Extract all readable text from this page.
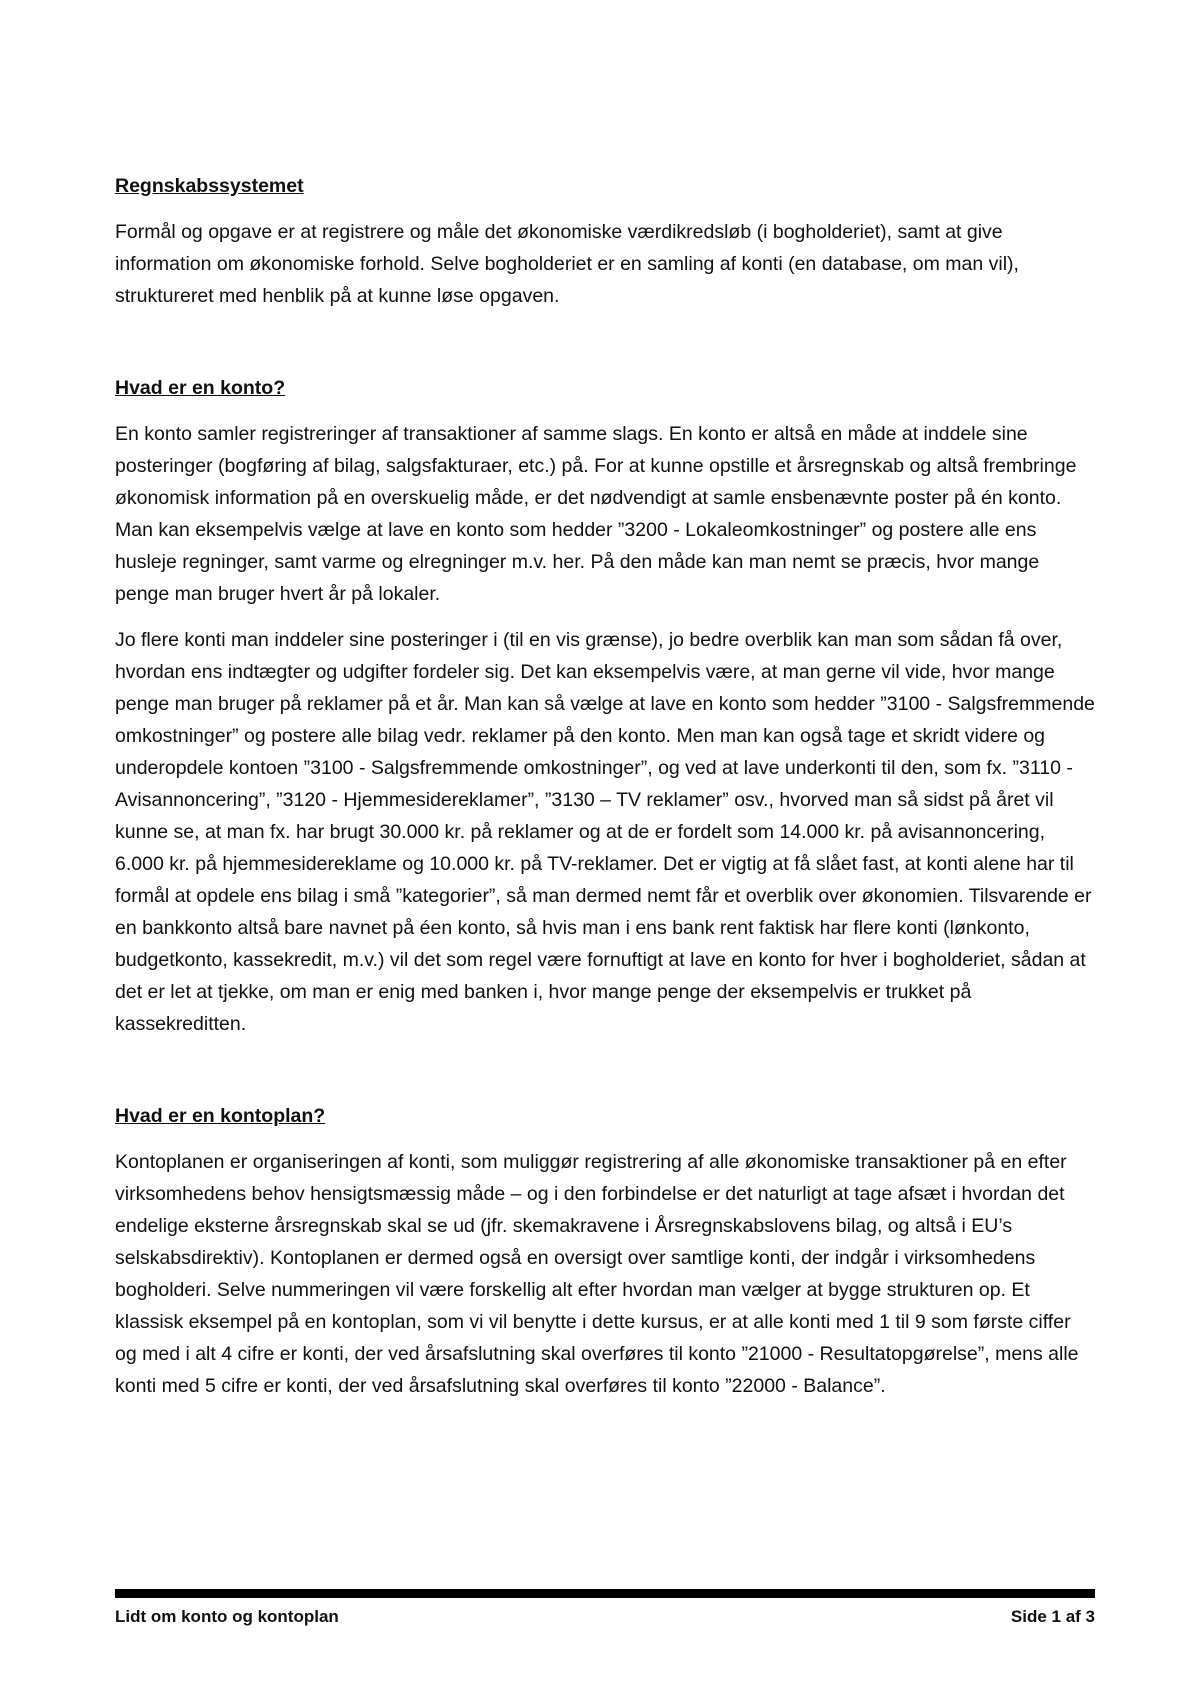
Regnskabssystemet

Formål og opgave er at registrere og måle det økonomiske værdikredsløb (i bogholderiet), samt at give information om økonomiske forhold. Selve bogholderiet er en samling af konti (en database, om man vil), struktureret med henblik på at kunne løse opgaven.

Hvad er en konto?

En konto samler registreringer af transaktioner af samme slags. En konto er altså en måde at inddele sine posteringer (bogføring af bilag, salgsfakturaer, etc.) på. For at kunne opstille et årsregnskab og altså frembringe økonomisk information på en overskuelig måde, er det nødvendigt at samle ensbenævnte poster på én konto. Man kan eksempelvis vælge at lave en konto som hedder ”3200 - Lokaleomkostninger” og postere alle ens husleje regninger, samt varme og elregninger m.v. her. På den måde kan man nemt se præcis, hvor mange penge man bruger hvert år på lokaler.

Jo flere konti man inddeler sine posteringer i (til en vis grænse), jo bedre overblik kan man som sådan få over, hvordan ens indtægter og udgifter fordeler sig. Det kan eksempelvis være, at man gerne vil vide, hvor mange penge man bruger på reklamer på et år. Man kan så vælge at lave en konto som hedder ”3100 - Salgsfremmende omkostninger” og postere alle bilag vedr. reklamer på den konto. Men man kan også tage et skridt videre og underopdele kontoen ”3100 - Salgsfremmende omkostninger”, og ved at lave underkonti til den, som fx. ”3110 - Avisannoncering”, ”3120 - Hjemmesidereklamer”, ”3130 – TV reklamer” osv., hvorved man så sidst på året vil kunne se, at man fx. har brugt 30.000 kr. på reklamer og at de er fordelt som 14.000 kr. på avisannoncering, 6.000 kr. på hjemmesidereklame og 10.000 kr. på TV-reklamer. Det er vigtig at få slået fast, at konti alene har til formål at opdele ens bilag i små ”kategorier”, så man dermed nemt får et overblik over økonomien. Tilsvarende er en bankkonto altså bare navnet på éen konto, så hvis man i ens bank rent faktisk har flere konti (lønkonto, budgetkonto, kassekredit, m.v.) vil det som regel være fornuftigt at lave en konto for hver i bogholderiet, sådan at det er let at tjekke, om man er enig med banken i, hvor mange penge der eksempelvis er trukket på kassekreditten.

Hvad er en kontoplan?

Kontoplanen er organiseringen af konti, som muliggør registrering af alle økonomiske transaktioner på en efter virksomhedens behov hensigtsmæssig måde – og i den forbindelse er det naturligt at tage afsæt i hvordan det endelige eksterne årsregnskab skal se ud (jfr. skemakravene i Årsregnskabslovens bilag, og altså i EU’s selskabsdirektiv). Kontoplanen er dermed også en oversigt over samtlige konti, der indgår i virksomhedens bogholderi. Selve nummeringen vil være forskellig alt efter hvordan man vælger at bygge strukturen op. Et klassisk eksempel på en kontoplan, som vi vil benytte i dette kursus, er at alle konti med 1 til 9 som første ciffer og med i alt 4 cifre er konti, der ved årsafslutning skal overføres til konto ”21000 - Resultatopgørelse”, mens alle konti med 5 cifre er konti, der ved årsafslutning skal overføres til konto ”22000 - Balance”.

Lidt om konto og kontoplan	Side 1 af 3
